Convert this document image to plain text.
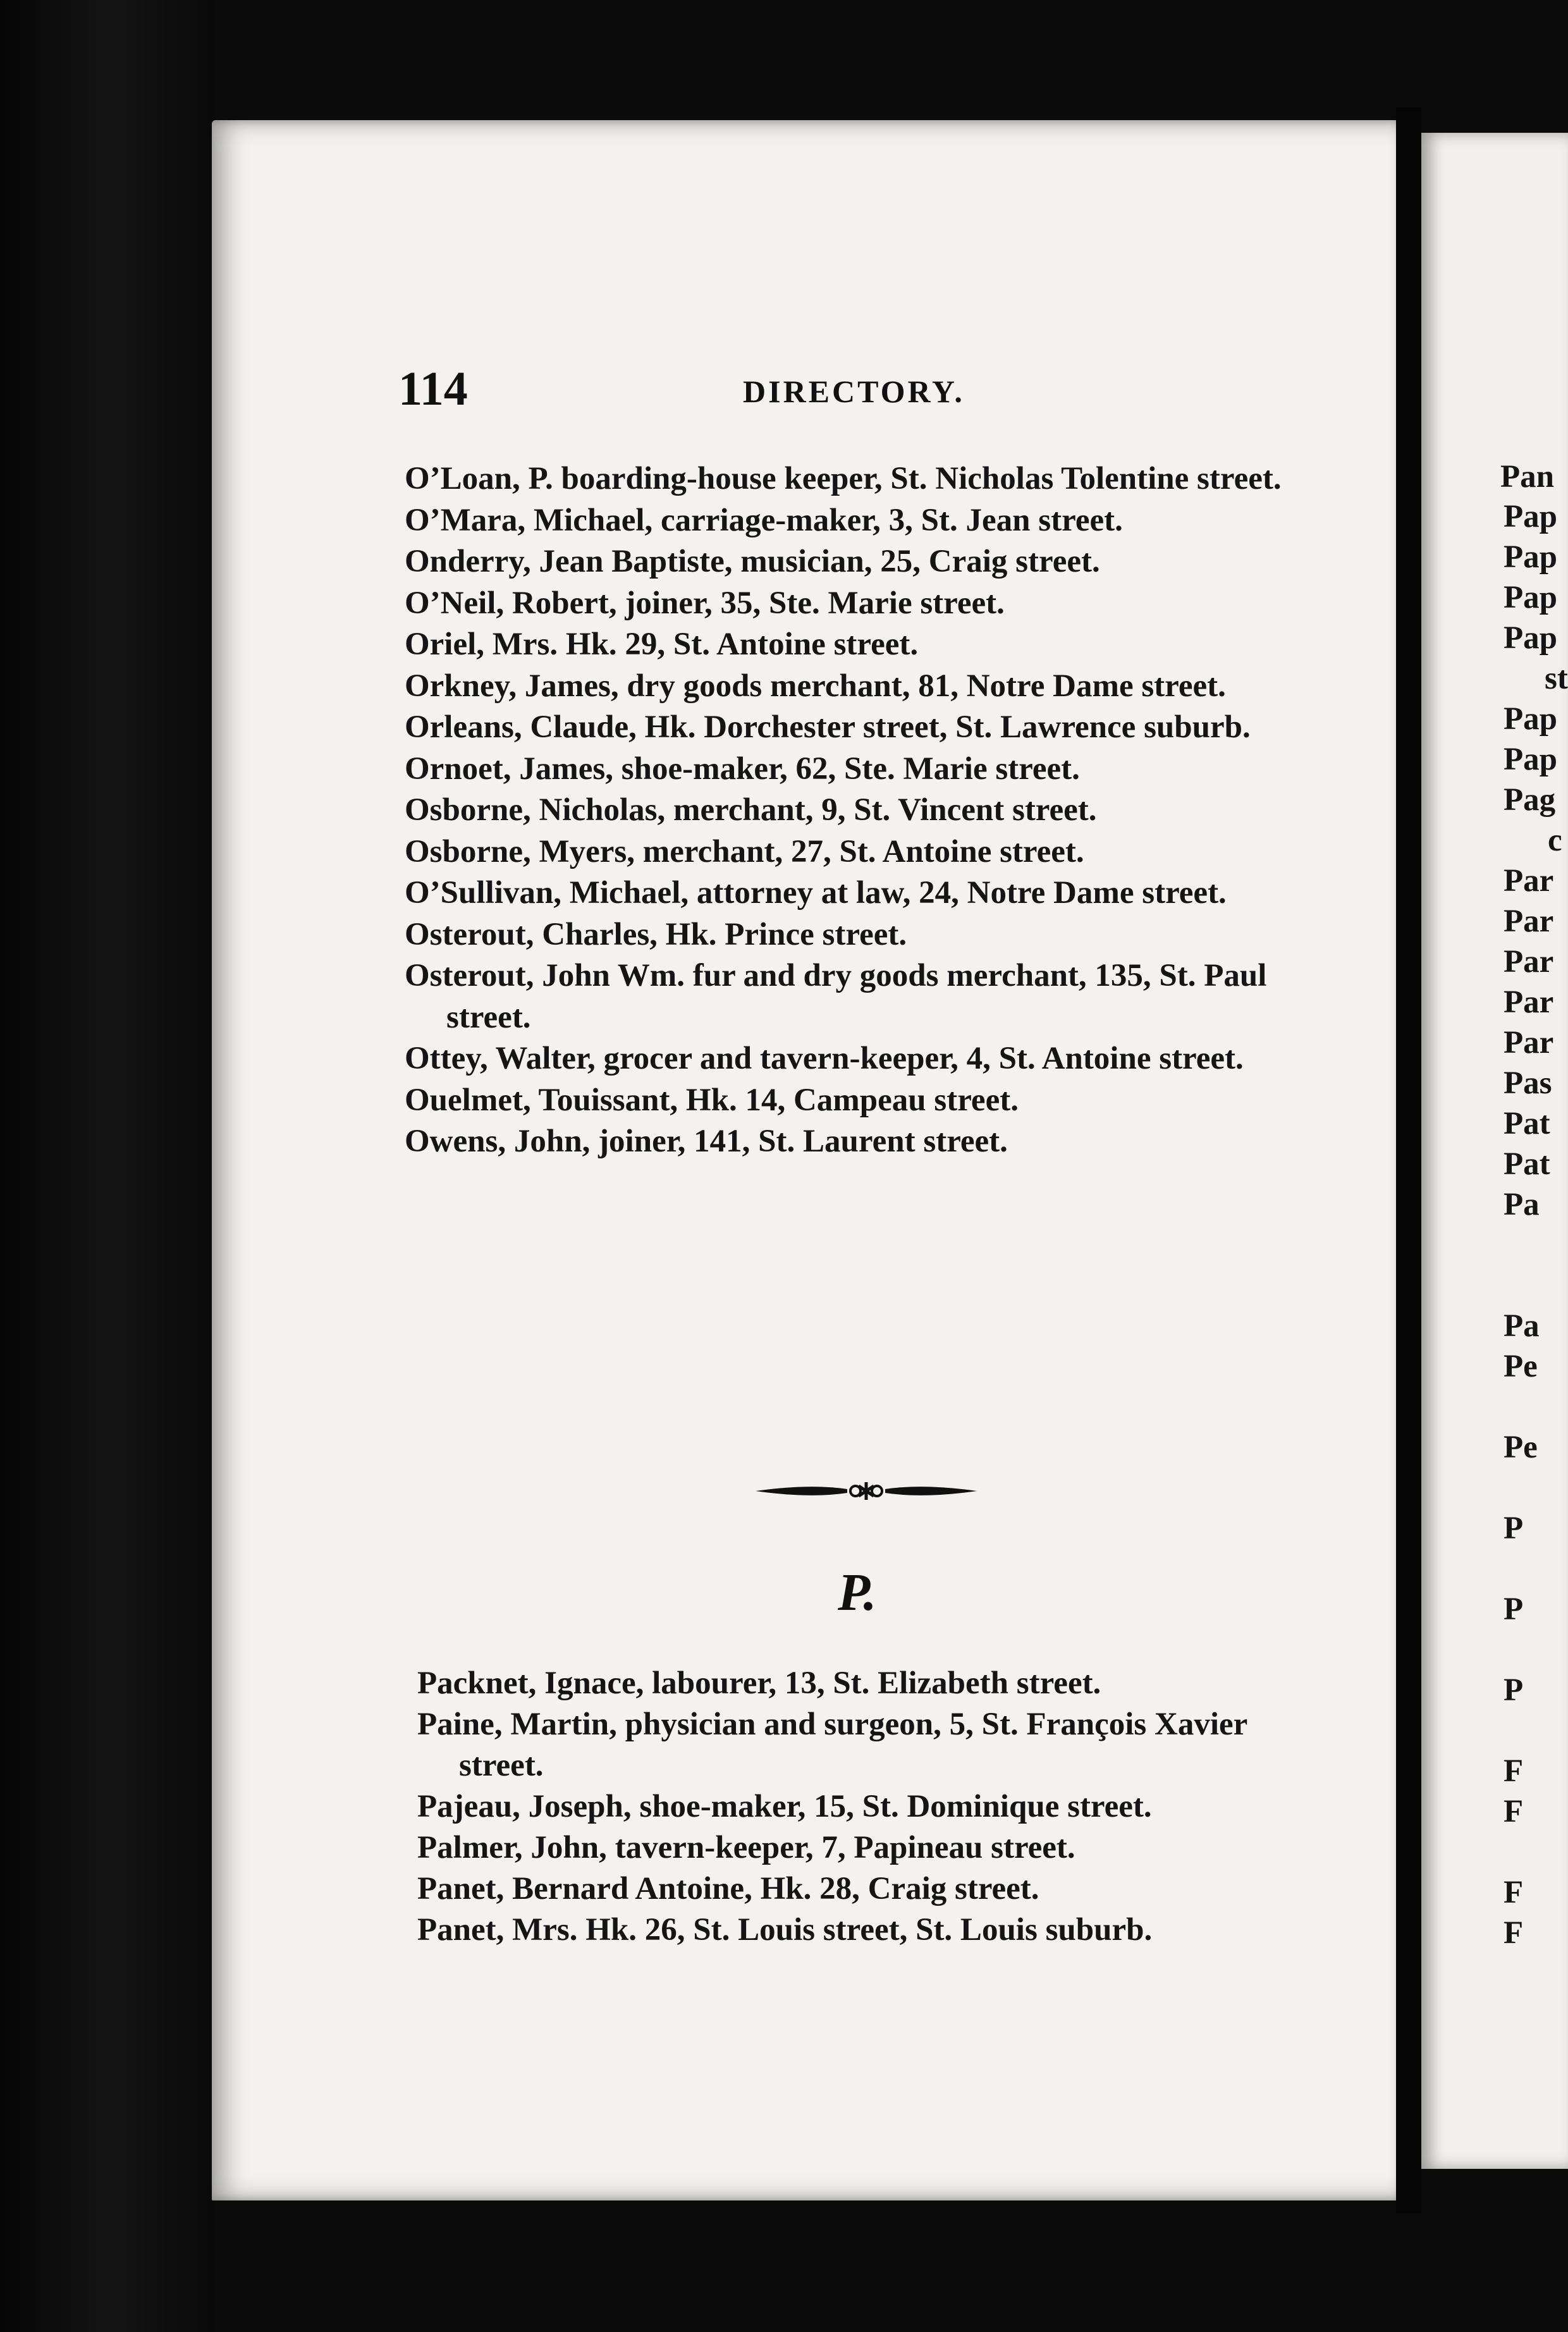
114	DIRECTORY.
O’Loan, P. boarding-house keeper, St. Nicholas Tolentine street.
O’Mara, Michael, carriage-maker, 3, St. Jean street.
Onderry, Jean Baptiste, musician, 25, Craig street.
O’Neil, Robert, joiner, 35, Ste. Marie street.
Oriel, Mrs. Hk. 29, St. Antoine street.
Orkney, James, dry goods merchant, 81, Notre Dame street.
Orleans, Claude, Hk. Dorchester street, St. Lawrence suburb.
Ornoet, James, shoe-maker, 62, Ste. Marie street.
Osborne, Nicholas, merchant, 9, St. Vincent street.
Osborne, Myers, merchant, 27, St. Antoine street.
O’Sullivan, Michael, attorney at law, 24, Notre Dame street.
Osterout, Charles, Hk. Prince street.
Osterout, John Wm. fur and dry goods merchant, 135, St. Paul street.
Ottey, Walter, grocer and tavern-keeper, 4, St. Antoine street.
Ouelmet, Touissant, Hk. 14, Campeau street.
Owens, John, joiner, 141, St. Laurent street.
P.
Packnet, Ignace, labourer, 13, St. Elizabeth street.
Paine, Martin, physician and surgeon, 5, St. François Xavier street.
Pajeau, Joseph, shoe-maker, 15, St. Dominique street.
Palmer, John, tavern-keeper, 7, Papineau street.
Panet, Bernard Antoine, Hk. 28, Craig street.
Panet, Mrs. Hk. 26, St. Louis street, St. Louis suburb.
Pan
Pap
Pap
Pap
Pap
st
Pap
Pap
Pag
c
Par
Par
Par
Par
Par
Pas
Pat
Pat
Pa
Pa
Pe
Pe
P
P
P
F
F
F
F
